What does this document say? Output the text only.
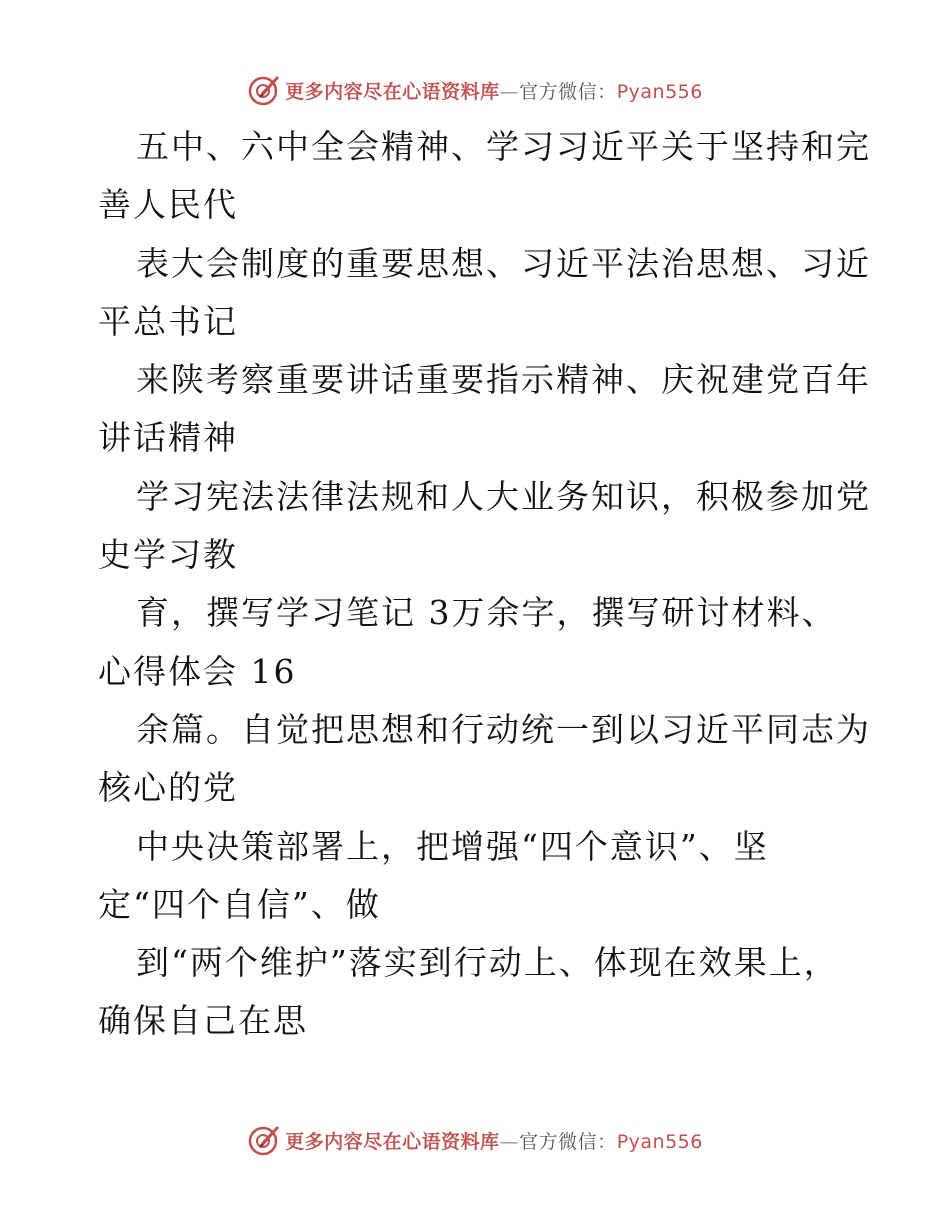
更多内容尽在心语资料库—官方微信：Pyan556
五中、六中全会精神、学习习近平关于坚持和完
善人民代
表大会制度的重要思想、习近平法治思想、习近
平总书记
来陕考察重要讲话重要指示精神、庆祝建党百年
讲话精神
学习宪法法律法规和人大业务知识，积极参加党
史学习教
育，撰写学习笔记 3万余字，撰写研讨材料、
心得体会 16
余篇。自觉把思想和行动统一到以习近平同志为
核心的党
中央决策部署上，把增强“四个意识”、坚
定“四个自信”、做
到“两个维护”落实到行动上、体现在效果上，
确保自己在思
更多内容尽在心语资料库—官方微信：Pyan556
